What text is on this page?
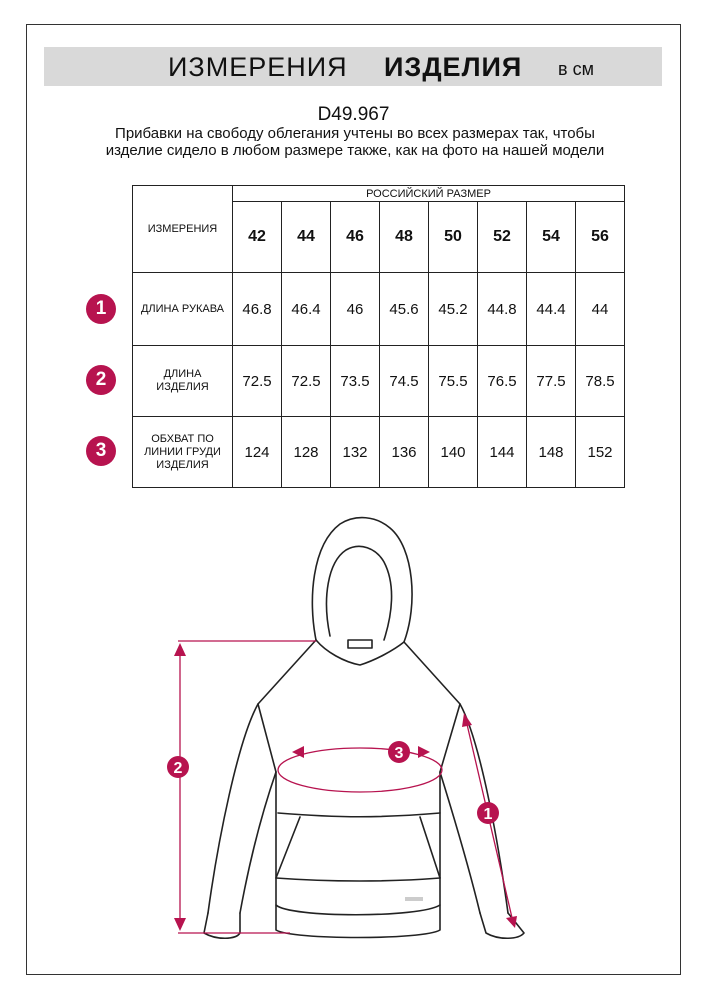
ИЗМЕРЕНИЯ ИЗДЕЛИЯ в см
D49.967
Прибавки на свободу облегания учтены во всех размерах так, чтобы изделие сидело в любом размере также, как на фото на нашей модели
ИЗМЕРЕНИЯ	РОССИЙСКИЙ РАЗМЕР							
	42	44	46	48	50	52	54	56
ДЛИНА РУКАВА	46.8	46.4	46	45.6	45.2	44.8	44.4	44
ДЛИНА
ИЗДЕЛИЯ	72.5	72.5	73.5	74.5	75.5	76.5	77.5	78.5
ОБХВАТ ПО
ЛИНИИ ГРУДИ
ИЗДЕЛИЯ	124	128	132	136	140	144	148	152
1
2
3
1
2
3
